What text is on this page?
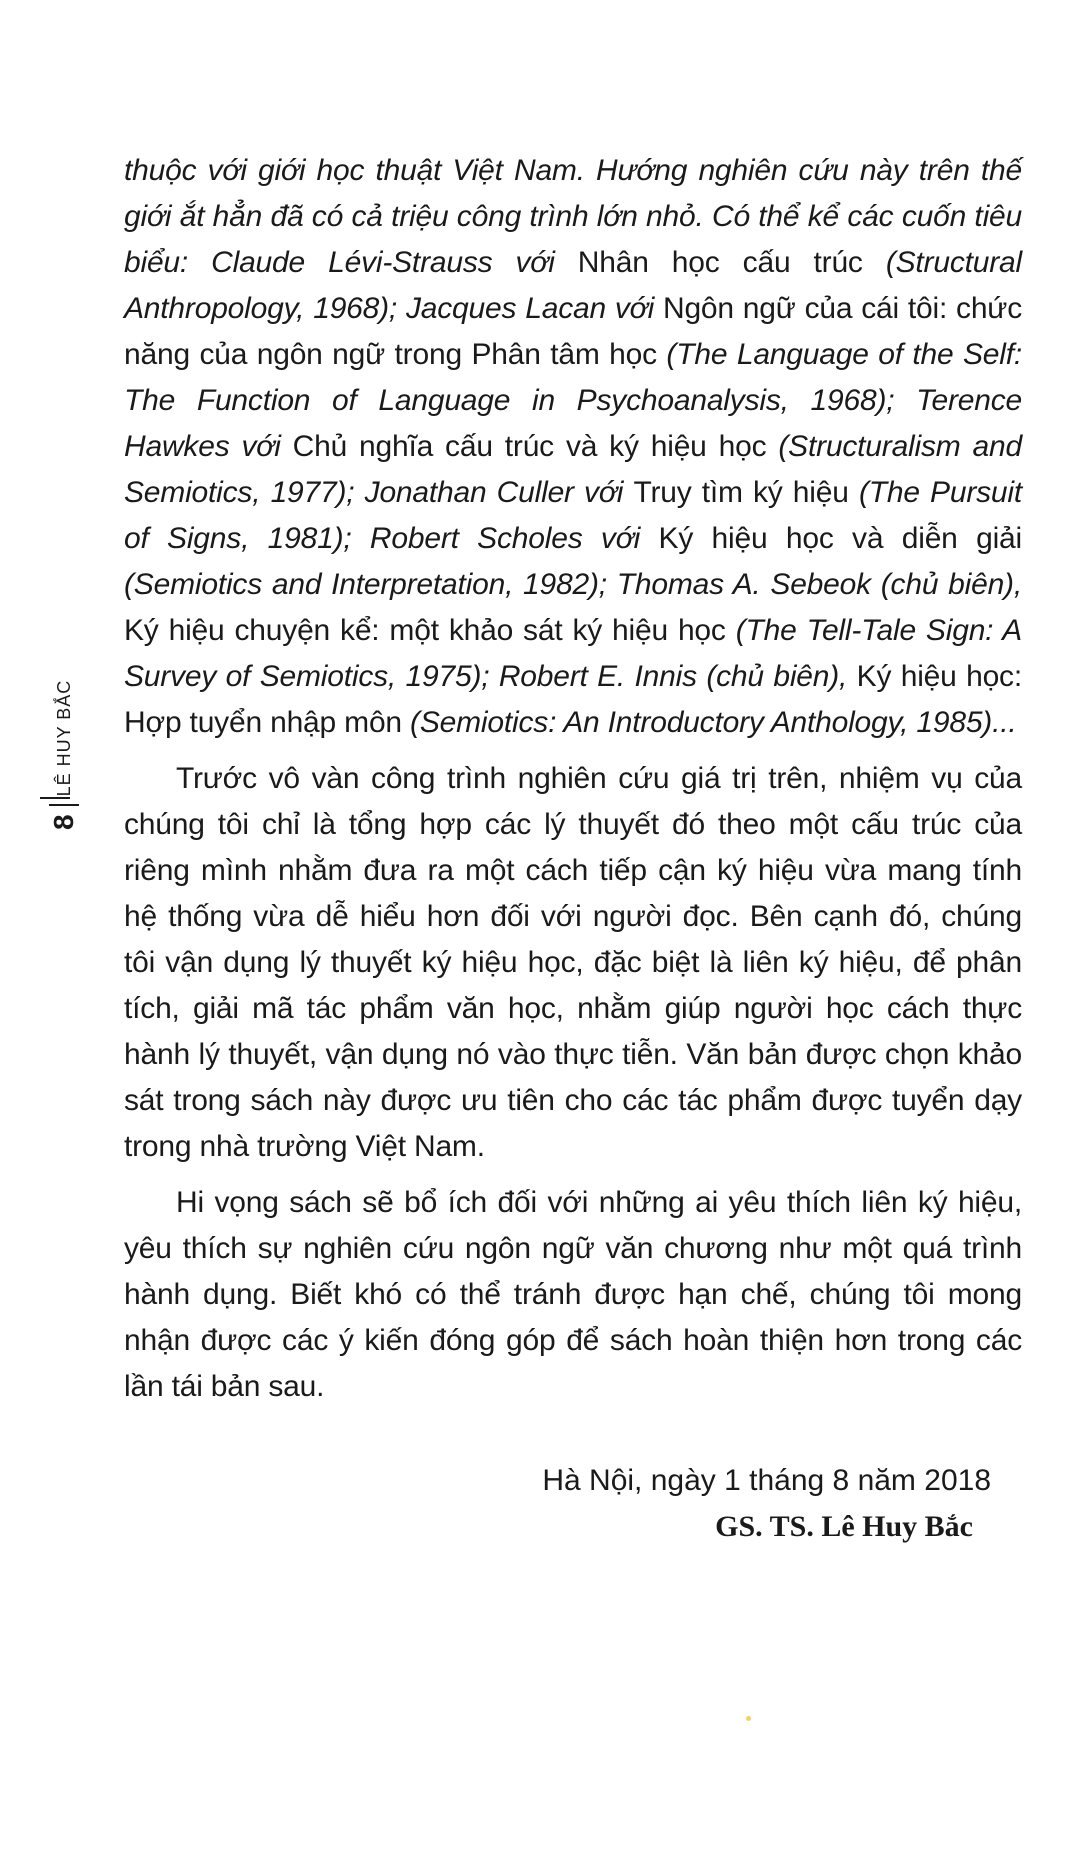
8
LÊ HUY BẮC

thuộc với giới học thuật Việt Nam. Hướng nghiên cứu này trên thế giới ắt hẳn đã có cả triệu công trình lớn nhỏ. Có thể kể các cuốn tiêu biểu: Claude Lévi-Strauss với Nhân học cấu trúc (Structural Anthropology, 1968); Jacques Lacan với Ngôn ngữ của cái tôi: chức năng của ngôn ngữ trong Phân tâm học (The Language of the Self: The Function of Language in Psychoanalysis, 1968); Terence Hawkes với Chủ nghĩa cấu trúc và ký hiệu học (Structuralism and Semiotics, 1977); Jonathan Culler với Truy tìm ký hiệu (The Pursuit of Signs, 1981); Robert Scholes với Ký hiệu học và diễn giải (Semiotics and Interpretation, 1982); Thomas A. Sebeok (chủ biên), Ký hiệu chuyện kể: một khảo sát ký hiệu học (The Tell-Tale Sign: A Survey of Semiotics, 1975); Robert E. Innis (chủ biên), Ký hiệu học: Hợp tuyển nhập môn (Semiotics: An Introductory Anthology, 1985)...

Trước vô vàn công trình nghiên cứu giá trị trên, nhiệm vụ của chúng tôi chỉ là tổng hợp các lý thuyết đó theo một cấu trúc của riêng mình nhằm đưa ra một cách tiếp cận ký hiệu vừa mang tính hệ thống vừa dễ hiểu hơn đối với người đọc. Bên cạnh đó, chúng tôi vận dụng lý thuyết ký hiệu học, đặc biệt là liên ký hiệu, để phân tích, giải mã tác phẩm văn học, nhằm giúp người học cách thực hành lý thuyết, vận dụng nó vào thực tiễn. Văn bản được chọn khảo sát trong sách này được ưu tiên cho các tác phẩm được tuyển dạy trong nhà trường Việt Nam.

Hi vọng sách sẽ bổ ích đối với những ai yêu thích liên ký hiệu, yêu thích sự nghiên cứu ngôn ngữ văn chương như một quá trình hành dụng. Biết khó có thể tránh được hạn chế, chúng tôi mong nhận được các ý kiến đóng góp để sách hoàn thiện hơn trong các lần tái bản sau.

Hà Nội, ngày 1 tháng 8 năm 2018
GS. TS. Lê Huy Bắc
